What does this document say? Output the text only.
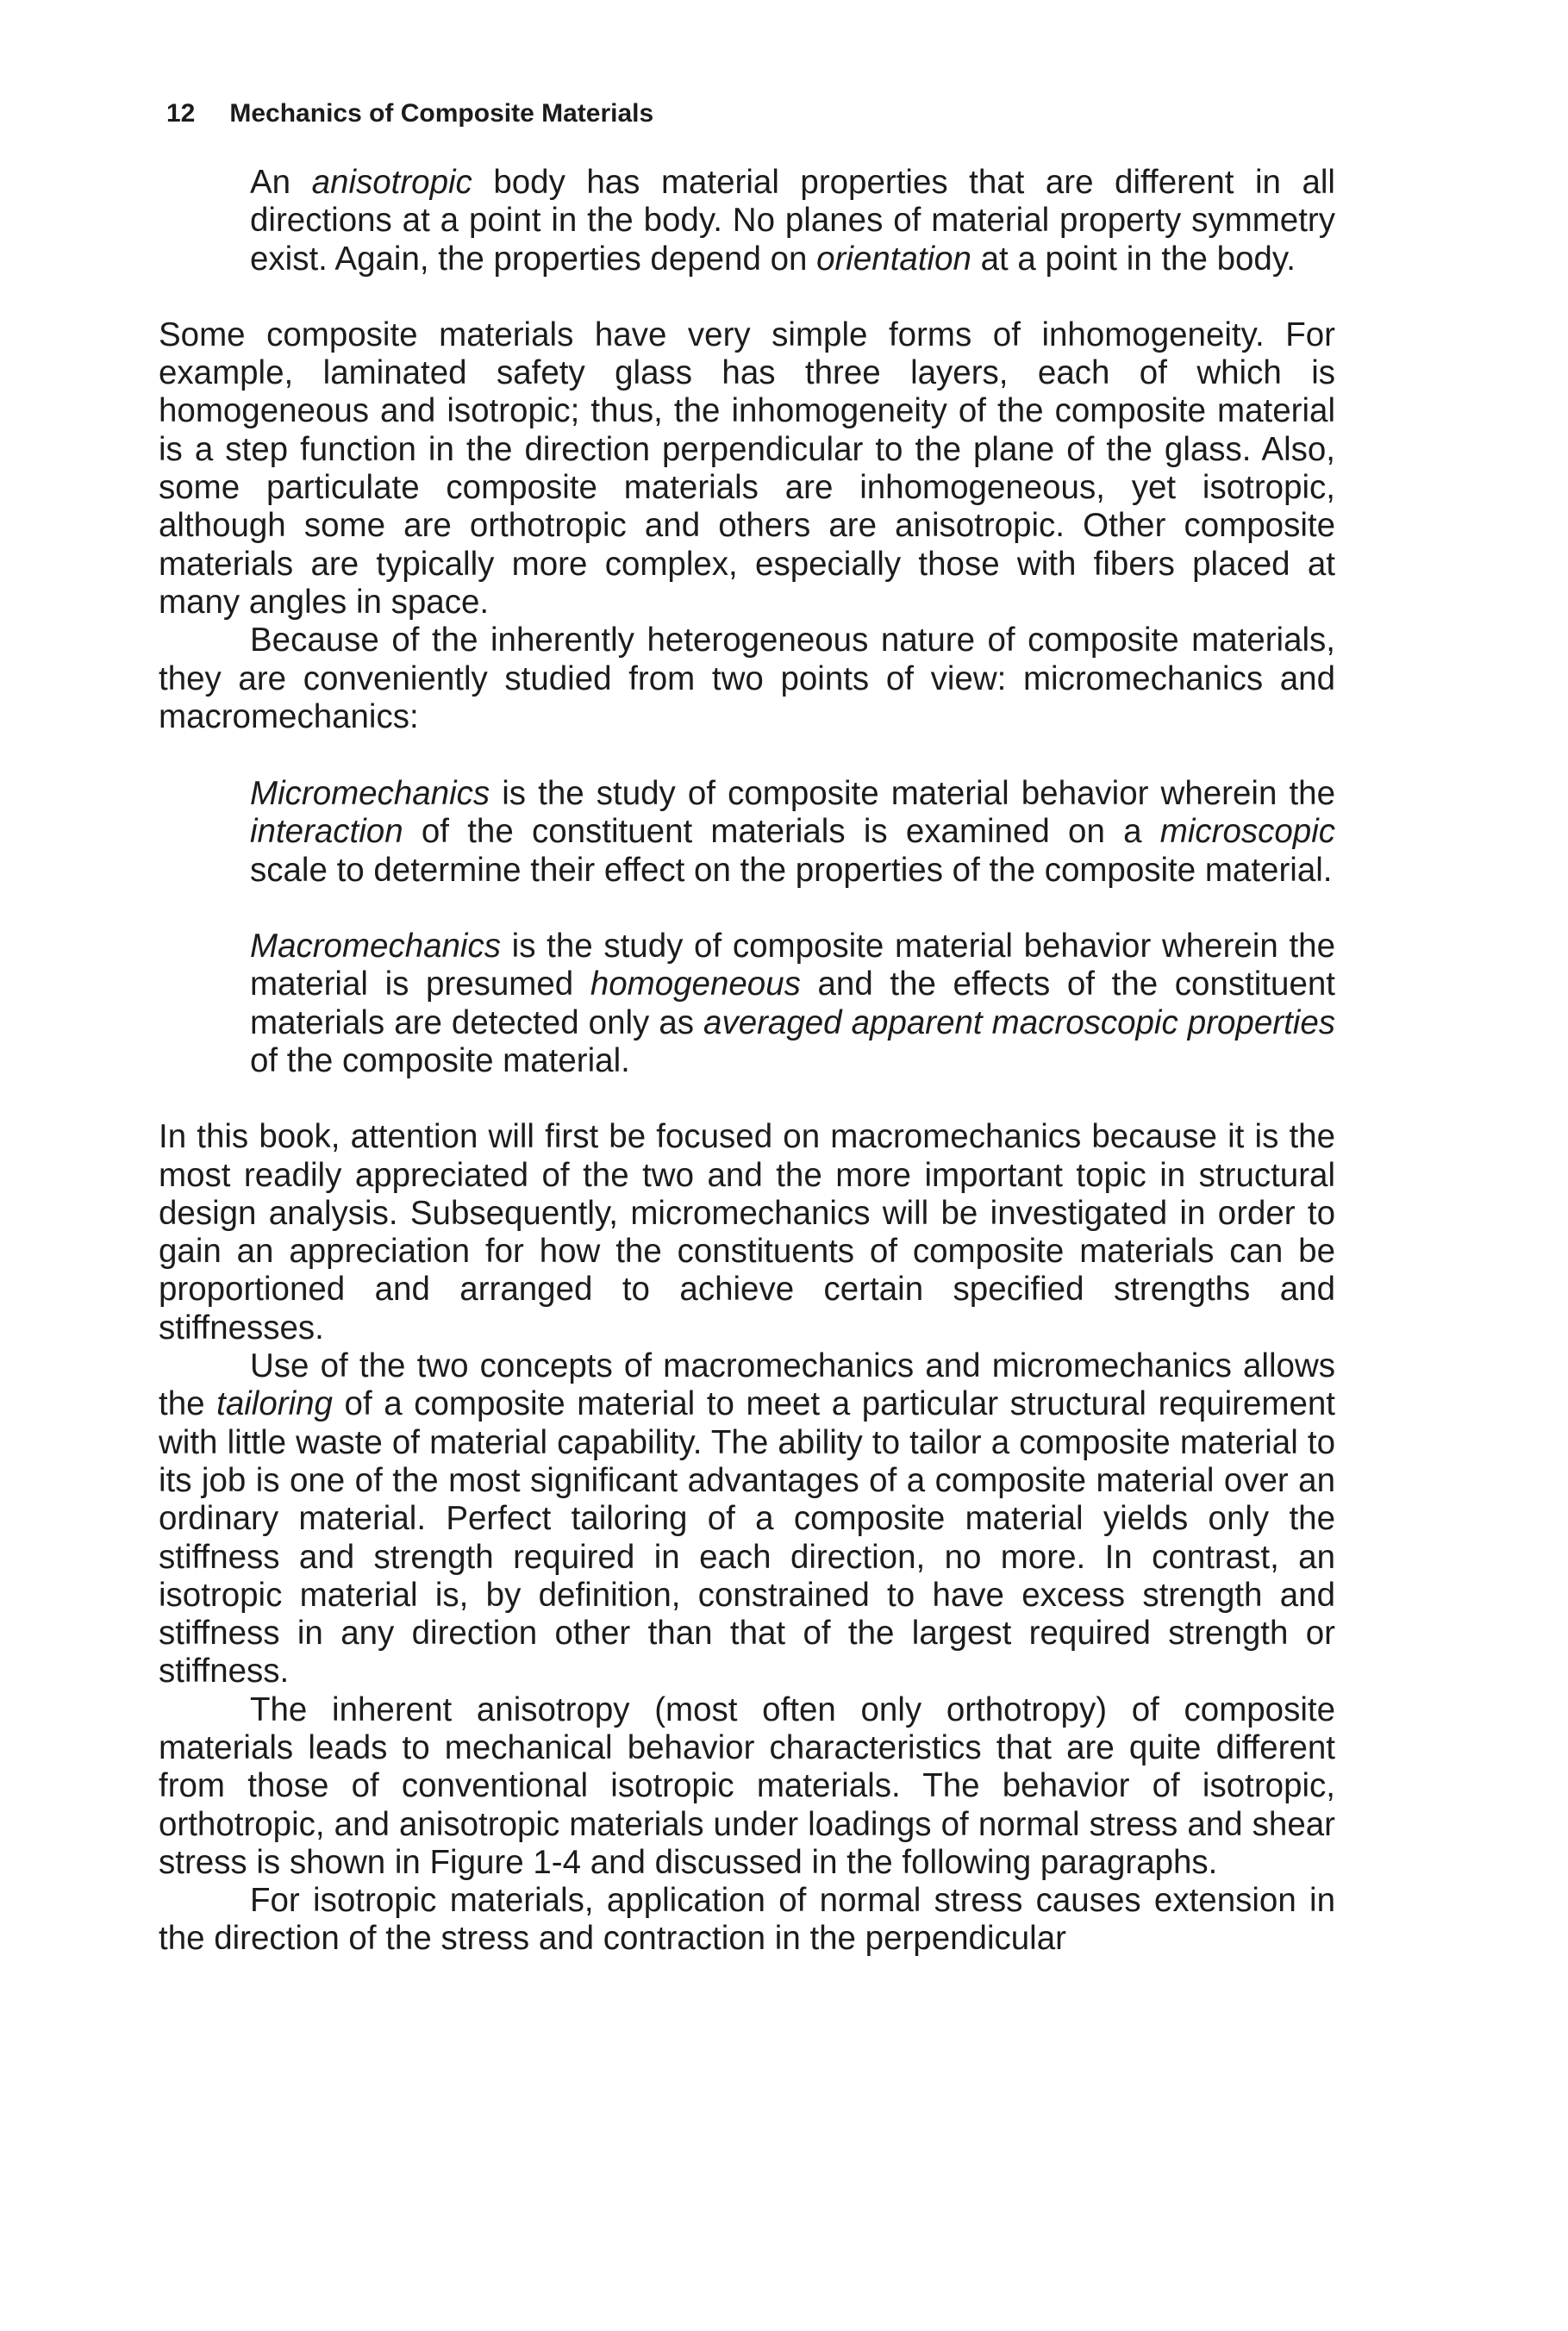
12 Mechanics of Composite Materials

An anisotropic body has material properties that are different in all directions at a point in the body. No planes of material property symmetry exist. Again, the properties depend on orientation at a point in the body.

Some composite materials have very simple forms of inhomogeneity. For example, laminated safety glass has three layers, each of which is homogeneous and isotropic; thus, the inhomogeneity of the composite material is a step function in the direction perpendicular to the plane of the glass. Also, some particulate composite materials are inhomogeneous, yet isotropic, although some are orthotropic and others are anisotropic. Other composite materials are typically more complex, especially those with fibers placed at many angles in space.

Because of the inherently heterogeneous nature of composite materials, they are conveniently studied from two points of view: micromechanics and macromechanics:

Micromechanics is the study of composite material behavior wherein the interaction of the constituent materials is examined on a microscopic scale to determine their effect on the properties of the composite material.

Macromechanics is the study of composite material behavior wherein the material is presumed homogeneous and the effects of the constituent materials are detected only as averaged apparent macroscopic properties of the composite material.

In this book, attention will first be focused on macromechanics because it is the most readily appreciated of the two and the more important topic in structural design analysis. Subsequently, micromechanics will be investigated in order to gain an appreciation for how the constituents of composite materials can be proportioned and arranged to achieve certain specified strengths and stiffnesses.

Use of the two concepts of macromechanics and micromechanics allows the tailoring of a composite material to meet a particular structural requirement with little waste of material capability. The ability to tailor a composite material to its job is one of the most significant advantages of a composite material over an ordinary material. Perfect tailoring of a composite material yields only the stiffness and strength required in each direction, no more. In contrast, an isotropic material is, by definition, constrained to have excess strength and stiffness in any direction other than that of the largest required strength or stiffness.

The inherent anisotropy (most often only orthotropy) of composite materials leads to mechanical behavior characteristics that are quite different from those of conventional isotropic materials. The behavior of isotropic, orthotropic, and anisotropic materials under loadings of normal stress and shear stress is shown in Figure 1-4 and discussed in the following paragraphs.

For isotropic materials, application of normal stress causes extension in the direction of the stress and contraction in the perpendicular
